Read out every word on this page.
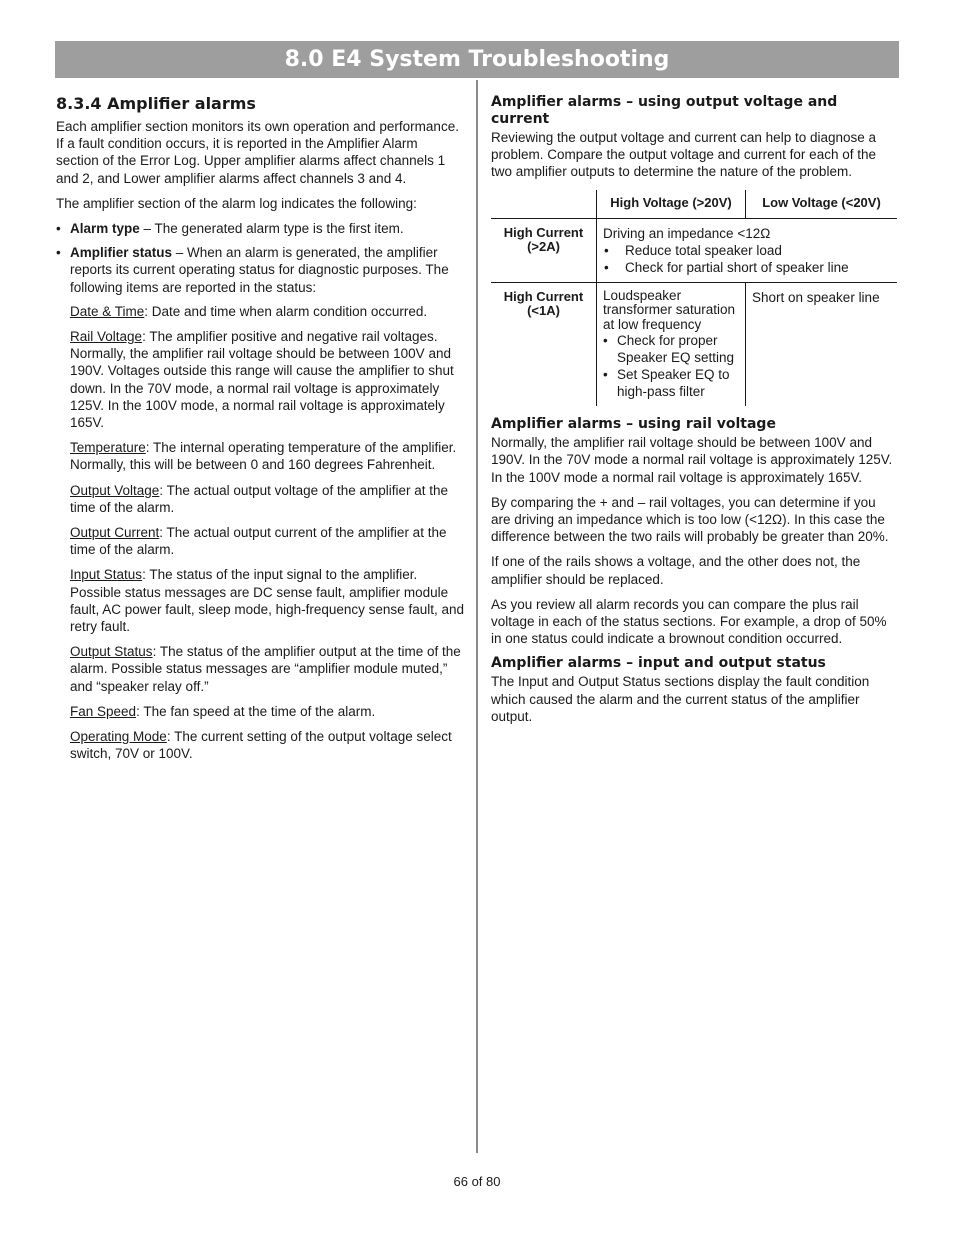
8.0 E4 System Troubleshooting
8.3.4 Amplifier alarms

Each amplifier section monitors its own operation and performance. If a fault condition occurs, it is reported in the Amplifier Alarm section of the Error Log. Upper amplifier alarms affect channels 1 and 2, and Lower amplifier alarms affect channels 3 and 4.

The amplifier section of the alarm log indicates the following:

• Alarm type – The generated alarm type is the first item.
• Amplifier status – When an alarm is generated, the amplifier reports its current operating status for diagnostic purposes. The following items are reported in the status:
Date & Time: Date and time when alarm condition occurred.
Rail Voltage: The amplifier positive and negative rail voltages. Normally, the amplifier rail voltage should be between 100V and 190V. Voltages outside this range will cause the amplifier to shut down. In the 70V mode, a normal rail voltage is approximately 125V. In the 100V mode, a normal rail voltage is approximately 165V.
Temperature: The internal operating temperature of the amplifier. Normally, this will be between 0 and 160 degrees Fahrenheit.
Output Voltage: The actual output voltage of the amplifier at the time of the alarm.
Output Current: The actual output current of the amplifier at the time of the alarm.
Input Status: The status of the input signal to the amplifier. Possible status messages are DC sense fault, amplifier module fault, AC power fault, sleep mode, high-frequency sense fault, and retry fault.
Output Status: The status of the amplifier output at the time of the alarm. Possible status messages are “amplifier module muted,” and “speaker relay off.”
Fan Speed: The fan speed at the time of the alarm.
Operating Mode: The current setting of the output voltage select switch, 70V or 100V.
Amplifier alarms – using output voltage and current

Reviewing the output voltage and current can help to diagnose a problem. Compare the output voltage and current for each of the two amplifier outputs to determine the nature of the problem.

	High Voltage (>20V)	Low Voltage (<20V)
High Current (>2A)	Driving an impedance <12Ω
• Reduce total speaker load
• Check for partial short of speaker line

High Current (<1A)	Loudspeaker transformer saturation at low frequency
• Check for proper Speaker EQ setting
• Set Speaker EQ to high-pass filter	Short on speaker line
Amplifier alarms – using rail voltage

Normally, the amplifier rail voltage should be between 100V and 190V. In the 70V mode a normal rail voltage is approximately 125V. In the 100V mode a normal rail voltage is approximately 165V.

By comparing the + and – rail voltages, you can determine if you are driving an impedance which is too low (<12Ω). In this case the difference between the two rails will probably be greater than 20%.

If one of the rails shows a voltage, and the other does not, the amplifier should be replaced.

As you review all alarm records you can compare the plus rail voltage in each of the status sections. For example, a drop of 50% in one status could indicate a brownout condition occurred.

Amplifier alarms – input and output status

The Input and Output Status sections display the fault condition which caused the alarm and the current status of the amplifier output.

66 of 80
